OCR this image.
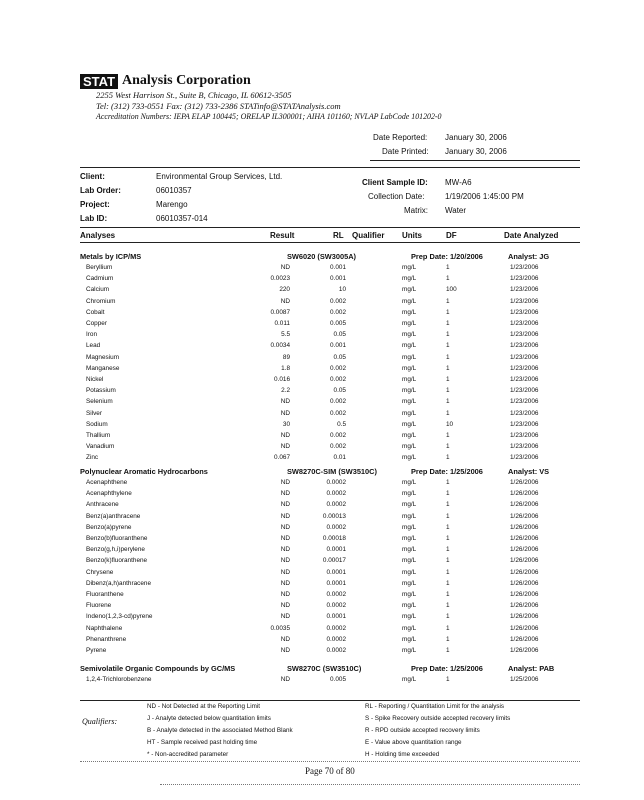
STAT Analysis Corporation
2255 West Harrison St., Suite B, Chicago, IL 60612-3505
Tel: (312) 733-0551 Fax: (312) 733-2386 STATinfo@STATAnalysis.com
Accreditation Numbers: IEPA ELAP 100445; ORELAP IL300001; AIHA 101160; NVLAP LabCode 101202-0
Date Reported: January 30, 2006
Date Printed: January 30, 2006
Client:	Environmental Group Services, Ltd.
Lab Order:	06010357
Project:	Marengo
Lab ID:	06010357-014
Client Sample ID: MW-A6
Collection Date:	1/19/2006 1:45:00 PM
Matrix: Water
Analyses	Result	RL Qualifier Units	DF	Date Analyzed
Metals by ICP/MS	SW6020 (SW3005A)	Prep Date: 1/20/2006	Analyst: JG
Beryllium	ND	0.001	mg/L	1	1/23/2006
Cadmium	0.0023	0.001	mg/L	1	1/23/2006
Calcium	220	10	mg/L	100	1/23/2006
Chromium	ND	0.002	mg/L	1	1/23/2006
Cobalt	0.0087	0.002	mg/L	1	1/23/2006
Copper	0.011	0.005	mg/L	1	1/23/2006
Iron	5.5	0.05	mg/L	1	1/23/2006
Lead	0.0034	0.001	mg/L	1	1/23/2006
Magnesium	89	0.05	mg/L	1	1/23/2006
Manganese	1.8	0.002	mg/L	1	1/23/2006
Nickel	0.016	0.002	mg/L	1	1/23/2006
Potassium	2.2	0.05	mg/L	1	1/23/2006
Selenium	ND	0.002	mg/L	1	1/23/2006
Silver	ND	0.002	mg/L	1	1/23/2006
Sodium	30	0.5	mg/L	10	1/23/2006
Thallium	ND	0.002	mg/L	1	1/23/2006
Vanadium	ND	0.002	mg/L	1	1/23/2006
Zinc	0.067	0.01	mg/L	1	1/23/2006
Polynuclear Aromatic Hydrocarbons	SW8270C-SIM (SW3510C)	Prep Date: 1/25/2006	Analyst: VS
Acenaphthene	ND	0.0002	mg/L	1	1/26/2006
Acenaphthylene	ND	0.0002	mg/L	1	1/26/2006
Anthracene	ND	0.0002	mg/L	1	1/26/2006
Benz(a)anthracene	ND	0.00013	mg/L	1	1/26/2006
Benzo(a)pyrene	ND	0.0002	mg/L	1	1/26/2006
Benzo(b)fluoranthene	ND	0.00018	mg/L	1	1/26/2006
Benzo(g,h,i)perylene	ND	0.0001	mg/L	1	1/26/2006
Benzo(k)fluoranthene	ND	0.00017	mg/L	1	1/26/2006
Chrysene	ND	0.0001	mg/L	1	1/26/2006
Dibenz(a,h)anthracene	ND	0.0001	mg/L	1	1/26/2006
Fluoranthene	ND	0.0002	mg/L	1	1/26/2006
Fluorene	ND	0.0002	mg/L	1	1/26/2006
Indeno(1,2,3-cd)pyrene	ND	0.0001	mg/L	1	1/26/2006
Naphthalene	0.0035	0.0002	mg/L	1	1/26/2006
Phenanthrene	ND	0.0002	mg/L	1	1/26/2006
Pyrene	ND	0.0002	mg/L	1	1/26/2006
Semivolatile Organic Compounds by GC/MS	SW8270C (SW3510C)	Prep Date: 1/25/2006	Analyst: PAB
1,2,4-Trichlorobenzene	ND	0.005	mg/L	1	1/25/2006
Qualifiers:
ND - Not Detected at the Reporting Limit
J - Analyte detected below quantitation limits
B - Analyte detected in the associated Method Blank
HT - Sample received past holding time
* - Non-accredited parameter
RL - Reporting / Quantitation Limit for the analysis
S - Spike Recovery outside accepted recovery limits
R - RPD outside accepted recovery limits
E - Value above quantitation range
H - Holding time exceeded
Page 70 of 80
